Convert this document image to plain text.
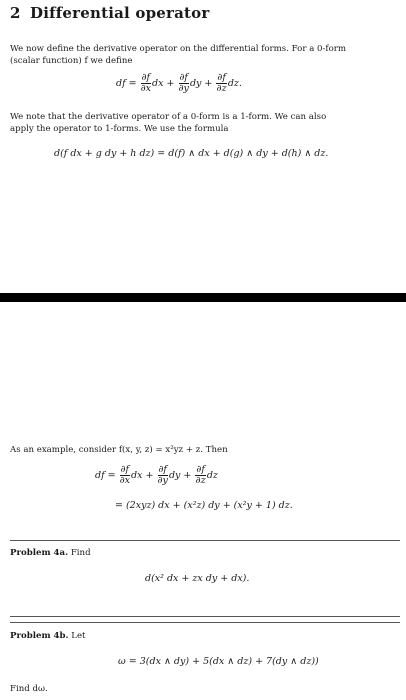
2 Differential operator
We now define the derivative operator on the differential forms. For a 0-form
(scalar function) f we define
df = $\frac{\partial f}{\partial x}$ dx + $\frac{\partial f}{\partial y}$ dy + $\frac{\partial f}{\partial z}$ dz.
We note that the derivative operator of a 0-form is a 1-form. We can also
apply the operator to 1-forms. We use the formula
d(f dx + g dy + h dz) = d(f) ∧ dx + d(g) ∧ dy + d(h) ∧ dz.
As an example, consider f(x, y, z) = x²yz + z. Then
df = $\frac{\partial f}{\partial x}$ dx + $\frac{\partial f}{\partial y}$ dy + $\frac{\partial f}{\partial z}$ dz
= (2xyz) dx + (x²z) dy + (x²y + 1) dz.
Problem 4a. Find
d(x² dx + zx dy + dx).
Problem 4b. Let
ω = 3(dx ∧ dy) + 5(dx ∧ dz) + 7(dy ∧ dz))
Find dω.
